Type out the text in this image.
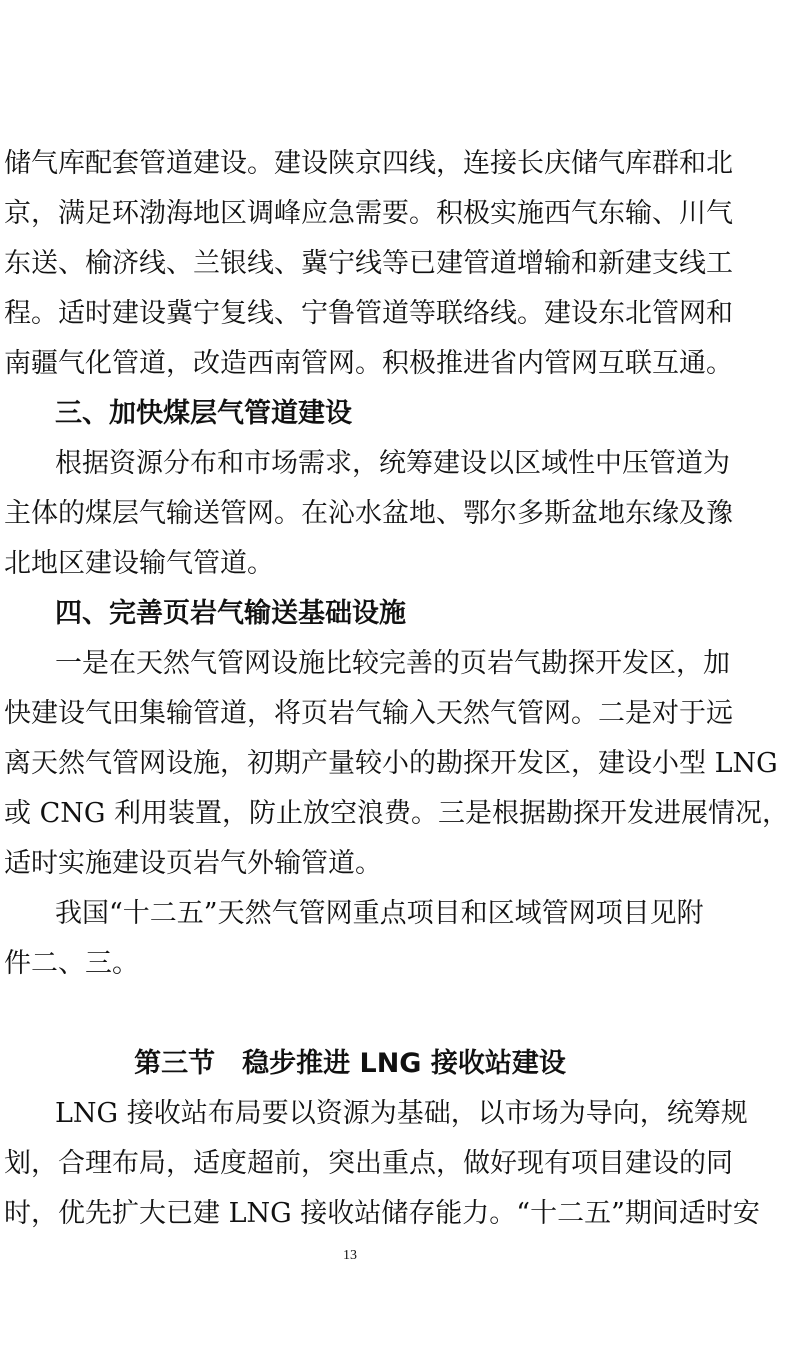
储气库配套管道建设。建设陕京四线，连接长庆储气库群和北
京，满足环渤海地区调峰应急需要。积极实施西气东输、川气
东送、榆济线、兰银线、冀宁线等已建管道增输和新建支线工
程。适时建设冀宁复线、宁鲁管道等联络线。建设东北管网和
南疆气化管道，改造西南管网。积极推进省内管网互联互通。
三、加快煤层气管道建设
根据资源分布和市场需求，统筹建设以区域性中压管道为
主体的煤层气输送管网。在沁水盆地、鄂尔多斯盆地东缘及豫
北地区建设输气管道。
四、完善页岩气输送基础设施
一是在天然气管网设施比较完善的页岩气勘探开发区，加
快建设气田集输管道，将页岩气输入天然气管网。二是对于远
离天然气管网设施，初期产量较小的勘探开发区，建设小型 LNG
或 CNG 利用装置，防止放空浪费。三是根据勘探开发进展情况，
适时实施建设页岩气外输管道。
我国“十二五”天然气管网重点项目和区域管网项目见附
件二、三。
第三节　稳步推进 LNG 接收站建设
LNG 接收站布局要以资源为基础，以市场为导向，统筹规
划，合理布局，适度超前，突出重点，做好现有项目建设的同
时，优先扩大已建 LNG 接收站储存能力。“十二五”期间适时安
13
